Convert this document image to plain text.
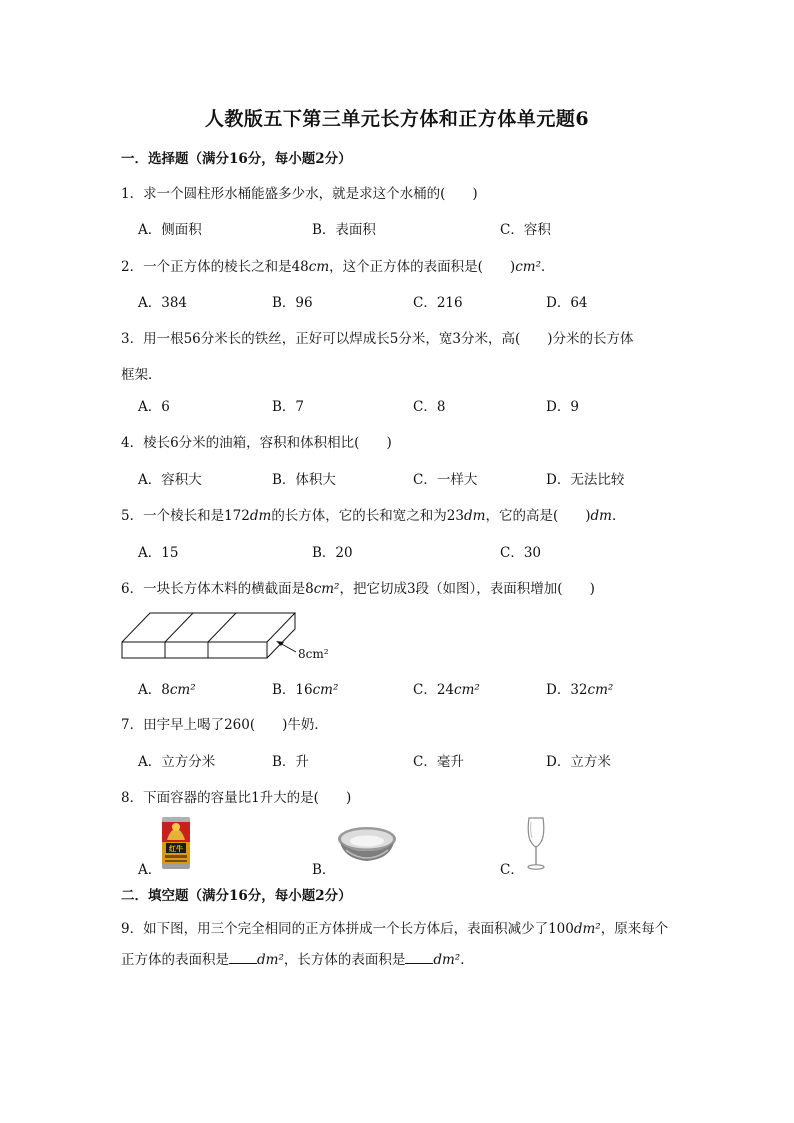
人教版五下第三单元长方体和正方体单元题6
一．选择题（满分16分，每小题2分）
1．求一个圆柱形水桶能盛多少水，就是求这个水桶的(　　)
A．侧面积	B．表面积	C．容积
2．一个正方体的棱长之和是48cm，这个正方体的表面积是(　　)cm²．
A．384	B．96	C．216	D．64
3．用一根56分米长的铁丝，正好可以焊成长5分米，宽3分米，高(　　)分米的长方体
框架．
A．6	B．7	C．8	D．9
4．棱长6分米的油箱，容积和体积相比(　　)
A．容积大	B．体积大	C．一样大	D．无法比较
5．一个棱长和是172dm的长方体，它的长和宽之和为23dm，它的高是(　　)dm．
A．15	B．20	C．30
6．一块长方体木料的横截面是8cm²，把它切成3段（如图），表面积增加(　　)
8cm²
A．8cm²	B．16cm²	C．24cm²	D．32cm²
7．田宇早上喝了260(　　)牛奶．
A．立方分米	B．升	C．毫升	D．立方米
8．下面容器的容量比1升大的是(　　)
A．
红牛
B．	C．
二．填空题（满分16分，每小题2分）
9．如下图，用三个完全相同的正方体拼成一个长方体后，表面积减少了100dm²，原来每个
正方体的表面积是 dm²，长方体的表面积是 dm²．
